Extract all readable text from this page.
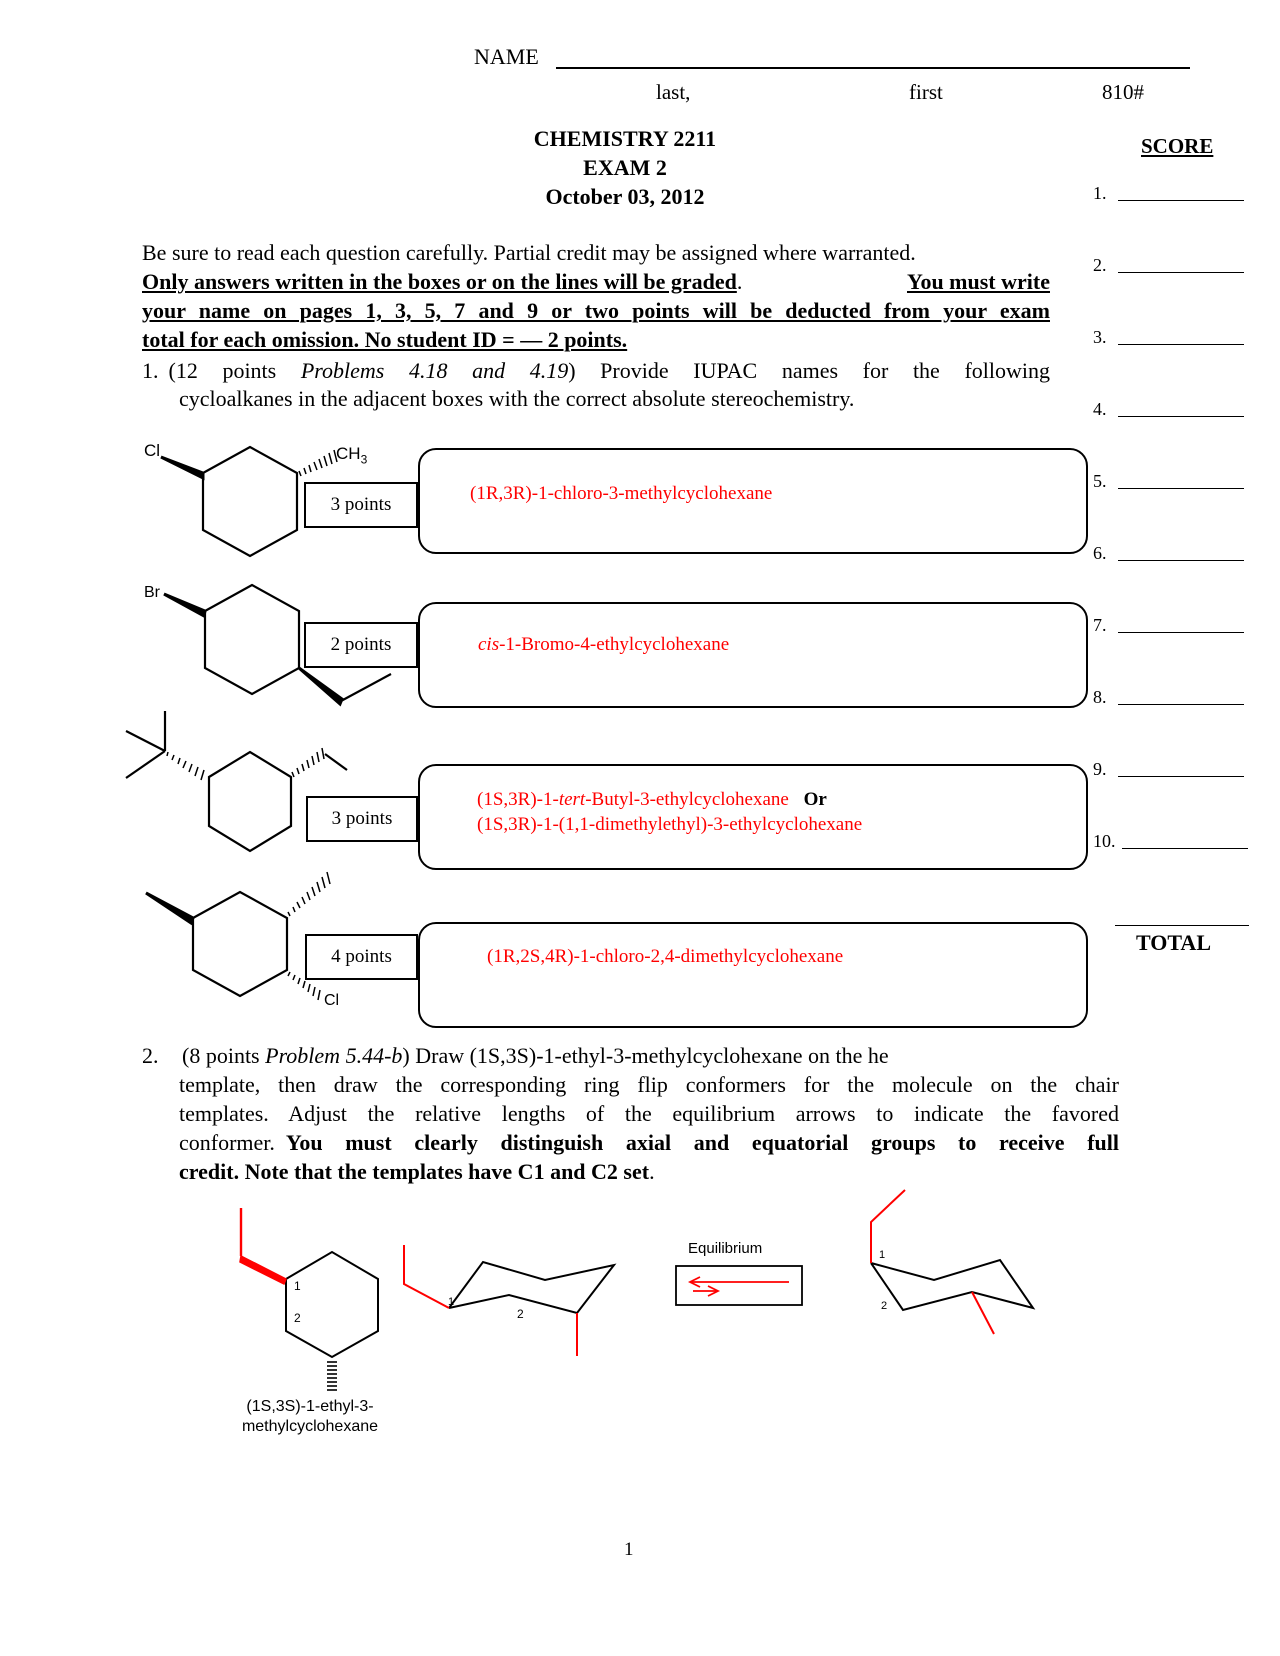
NAME
last,	first	810#
CHEMISTRY 2211
EXAM 2
October 03, 2012
SCORE
1.
2.
3.
4.
5.
6.
7.
8.
9.
10.
TOTAL
Be sure to read each question carefully. Partial credit may be assigned where warranted.
Only answers written in the boxes or on the lines will be graded.	You must write
your name on pages 1, 3, 5, 7 and 9 or two points will be deducted from your exam
total for each omission. No student ID = — 2 points.
1. (12 points Problems 4.18 and 4.19) Provide IUPAC names for the following
cycloalkanes in the adjacent boxes with the correct absolute stereochemistry.
Cl	$CH_3$
Br
Cl
3 points
(1R,3R)-1-chloro-3-methylcyclohexane
2 points	cis-1-Bromo-4-ethylcyclohexane
3 points
(1S,3R)-1-tert-Butyl-3-ethylcyclohexane Or
(1S,3R)-1-(1,1-dimethylethyl)-3-ethylcyclohexane
4 points	(1R,2S,4R)-1-chloro-2,4-dimethylcyclohexane
2. (8 points Problem 5.44-b) Draw (1S,3S)-1-ethyl-3-methylcyclohexane on the he
template, then draw the corresponding ring flip conformers for the molecule on the chair
templates. Adjust the relative lengths of the equilibrium arrows to indicate the favored
conformer. You must clearly distinguish axial and equatorial groups to receive full
credit. Note that the templates have C1 and C2 set.
1
2
1
2
1
2
(1S,3S)-1-ethyl-3-
methylcyclohexane
Equilibrium
1
